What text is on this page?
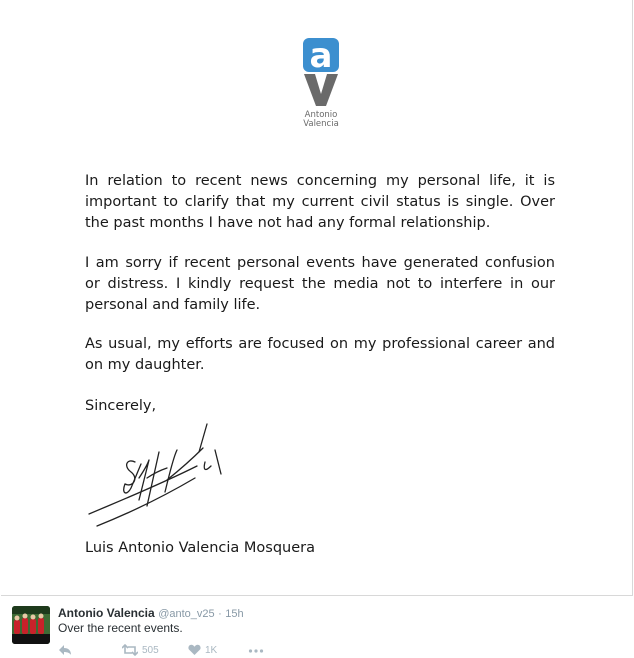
a
Antonio
Valencia

In relation to recent news concerning my personal life, it is important to clarify that my current civil status is single. Over the past months I have not had any formal relationship.

I am sorry if recent personal events have generated confusion or distress. I kindly request the media not to interfere in our personal and family life.

As usual, my efforts are focused on my professional career and on my daughter.

Sincerely,

Luis Antonio Valencia Mosquera

Antonio Valencia @anto_v25 · 15h
Over the recent events.
505	1K
